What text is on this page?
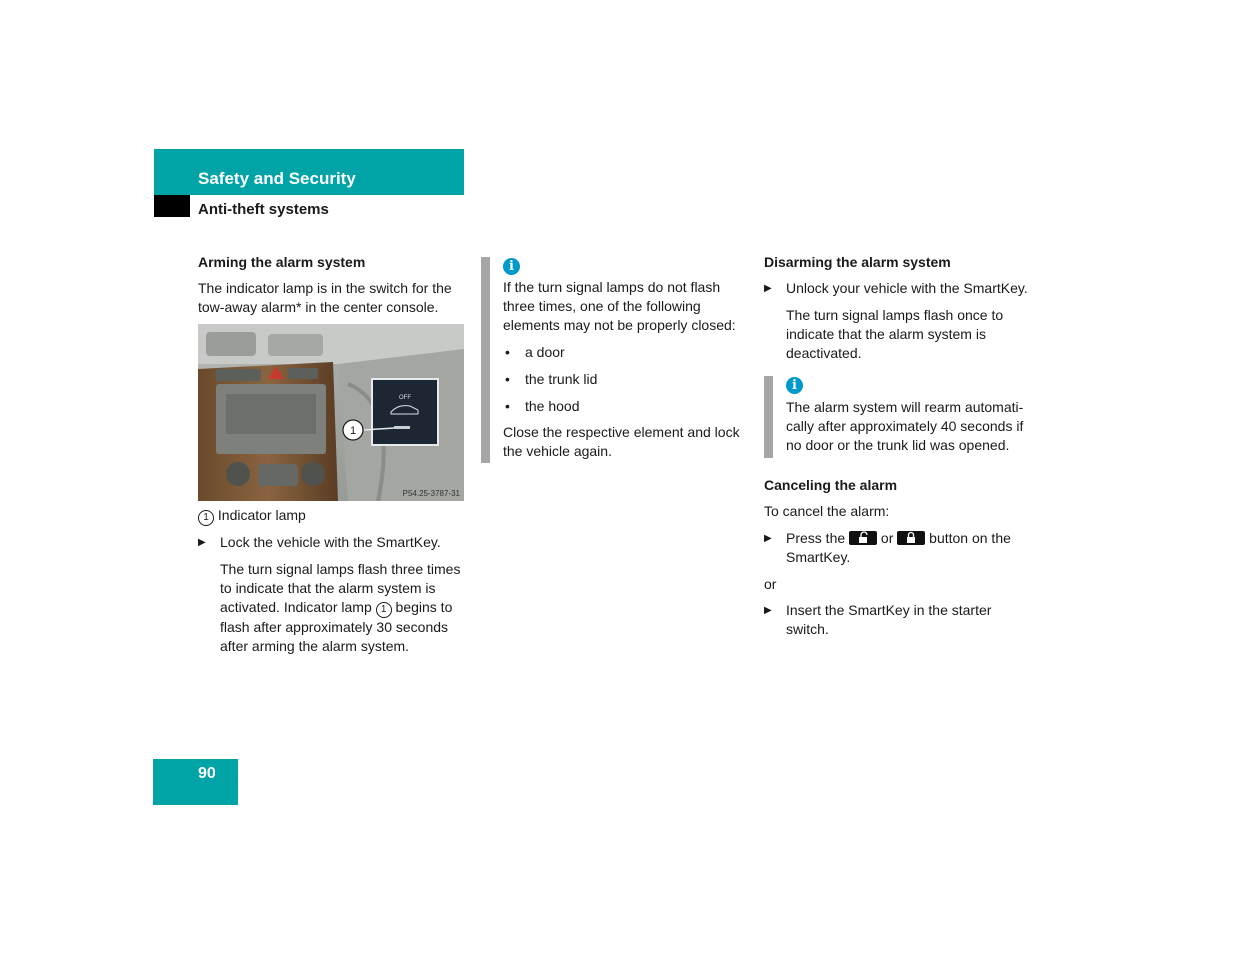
Safety and Security
Anti-theft systems

Arming the alarm system

The indicator lamp is in the switch for the tow-away alarm* in the center console.

OFF
1
P54.25-3787-31

1 Indicator lamp

▶ Lock the vehicle with the SmartKey.

The turn signal lamps flash three times to indicate that the alarm system is activated. Indicator lamp 1 begins to flash after approximately 30 seconds after arming the alarm system.

i

If the turn signal lamps do not flash three times, one of the following elements may not be properly closed:

• a door
• the trunk lid
• the hood

Close the respective element and lock the vehicle again.

Disarming the alarm system

▶ Unlock your vehicle with the SmartKey.

The turn signal lamps flash once to indicate that the alarm system is deactivated.

i

The alarm system will rearm automati-cally after approximately 40 seconds if no door or the trunk lid was opened.

Canceling the alarm

To cancel the alarm:

▶ Press the	or	button on the SmartKey.

or

▶ Insert the SmartKey in the starter switch.
90
